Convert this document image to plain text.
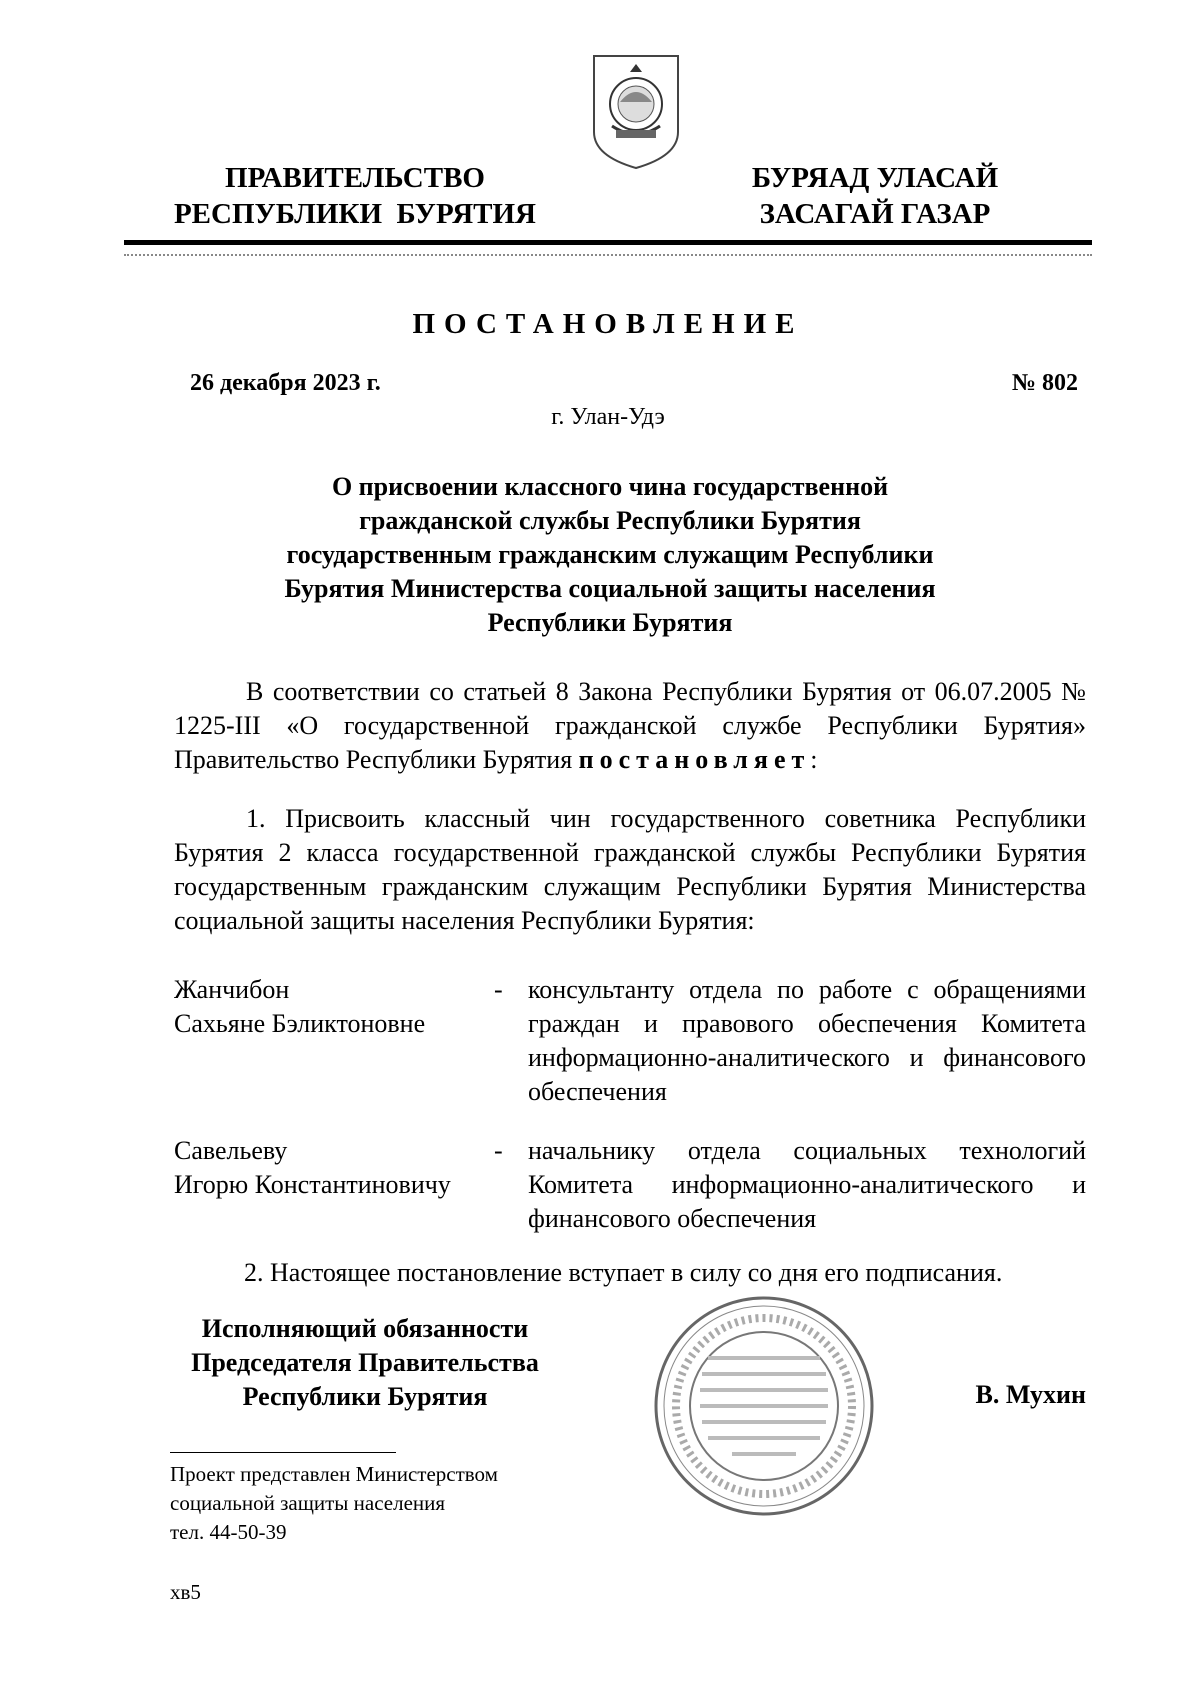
ПРАВИТЕЛЬСТВО
РЕСПУБЛИКИ  БУРЯТИЯ
БУРЯАД УЛАСАЙ
ЗАСАГАЙ ГАЗАР
ПОСТАНОВЛЕНИЕ
26 декабря 2023 г.	№ 802
г. Улан-Удэ
О присвоении классного чина государственной
гражданской службы Республики Бурятия
государственным гражданским служащим Республики
Бурятия Министерства социальной защиты населения
Республики Бурятия
В соответствии со статьей 8 Закона Республики Бурятия от 06.07.2005 № 1225-III «О государственной гражданской службе Республики Бурятия» Правительство Республики Бурятия постановляет:
1. Присвоить классный чин государственного советника Республики Бурятия 2 класса государственной гражданской службы Республики Бурятия государственным гражданским служащим Республики Бурятия Министерства социальной защиты населения Республики Бурятия:
Жанчибон
Сахьяне Бэликтоновне
- консультанту отдела по работе с обращениями граждан и правового обеспечения Комитета информационно-аналитического и финансового обеспечения
Савельеву
Игорю Константиновичу
- начальнику отдела социальных технологий Комитета информационно-аналитического и финансового обеспечения
2. Настоящее постановление вступает в силу со дня его подписания.
Исполняющий обязанности
Председателя Правительства
Республики Бурятия	В. Мухин
Проект представлен Министерством
социальной защиты населения
тел. 44-50-39
хв5
